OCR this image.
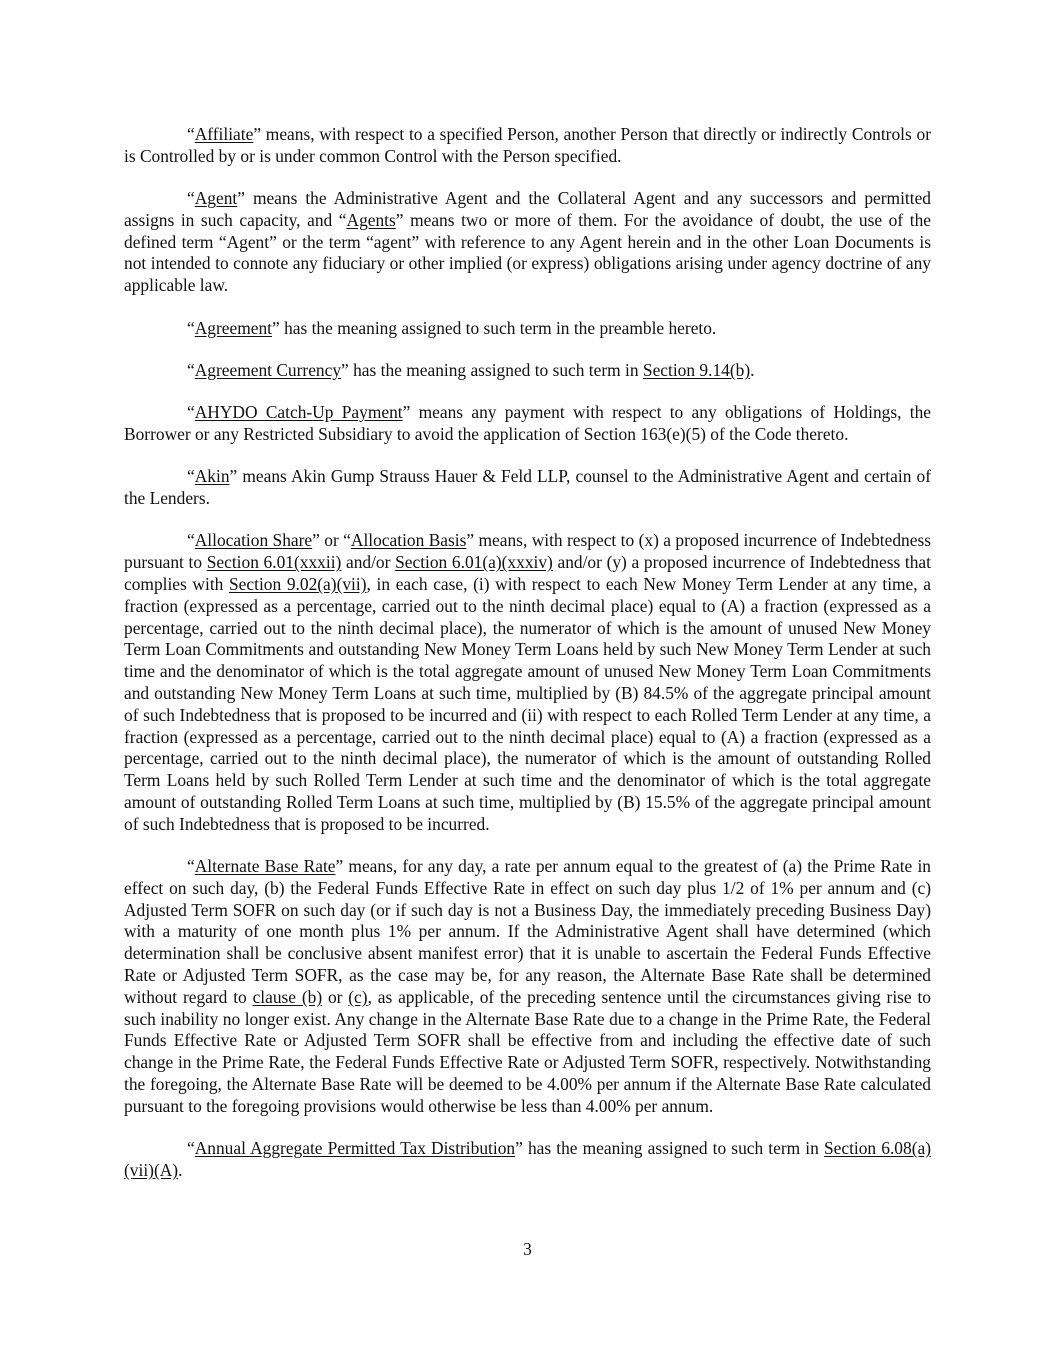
“Affiliate” means, with respect to a specified Person, another Person that directly or indirectly Controls or is Controlled by or is under common Control with the Person specified.

“Agent” means the Administrative Agent and the Collateral Agent and any successors and permitted assigns in such capacity, and “Agents” means two or more of them. For the avoidance of doubt, the use of the defined term “Agent” or the term “agent” with reference to any Agent herein and in the other Loan Documents is not intended to connote any fiduciary or other implied (or express) obligations arising under agency doctrine of any applicable law.

“Agreement” has the meaning assigned to such term in the preamble hereto.

“Agreement Currency” has the meaning assigned to such term in Section 9.14(b).

“AHYDO Catch-Up Payment” means any payment with respect to any obligations of Holdings, the Borrower or any Restricted Subsidiary to avoid the application of Section 163(e)(5) of the Code thereto.

“Akin” means Akin Gump Strauss Hauer & Feld LLP, counsel to the Administrative Agent and certain of the Lenders.

“Allocation Share” or “Allocation Basis” means, with respect to (x) a proposed incurrence of Indebtedness pursuant to Section 6.01(xxxii) and/or Section 6.01(a)(xxxiv) and/or (y) a proposed incurrence of Indebtedness that complies with Section 9.02(a)(vii), in each case, (i) with respect to each New Money Term Lender at any time, a fraction (expressed as a percentage, carried out to the ninth decimal place) equal to (A) a fraction (expressed as a percentage, carried out to the ninth decimal place), the numerator of which is the amount of unused New Money Term Loan Commitments and outstanding New Money Term Loans held by such New Money Term Lender at such time and the denominator of which is the total aggregate amount of unused New Money Term Loan Commitments and outstanding New Money Term Loans at such time, multiplied by (B) 84.5% of the aggregate principal amount of such Indebtedness that is proposed to be incurred and (ii) with respect to each Rolled Term Lender at any time, a fraction (expressed as a percentage, carried out to the ninth decimal place) equal to (A) a fraction (expressed as a percentage, carried out to the ninth decimal place), the numerator of which is the amount of outstanding Rolled Term Loans held by such Rolled Term Lender at such time and the denominator of which is the total aggregate amount of outstanding Rolled Term Loans at such time, multiplied by (B) 15.5% of the aggregate principal amount of such Indebtedness that is proposed to be incurred.

“Alternate Base Rate” means, for any day, a rate per annum equal to the greatest of (a) the Prime Rate in effect on such day, (b) the Federal Funds Effective Rate in effect on such day plus 1/2 of 1% per annum and (c) Adjusted Term SOFR on such day (or if such day is not a Business Day, the immediately preceding Business Day) with a maturity of one month plus 1% per annum. If the Administrative Agent shall have determined (which determination shall be conclusive absent manifest error) that it is unable to ascertain the Federal Funds Effective Rate or Adjusted Term SOFR, as the case may be, for any reason, the Alternate Base Rate shall be determined without regard to clause (b) or (c), as applicable, of the preceding sentence until the circumstances giving rise to such inability no longer exist. Any change in the Alternate Base Rate due to a change in the Prime Rate, the Federal Funds Effective Rate or Adjusted Term SOFR shall be effective from and including the effective date of such change in the Prime Rate, the Federal Funds Effective Rate or Adjusted Term SOFR, respectively. Notwithstanding the foregoing, the Alternate Base Rate will be deemed to be 4.00% per annum if the Alternate Base Rate calculated pursuant to the foregoing provisions would otherwise be less than 4.00% per annum.

“Annual Aggregate Permitted Tax Distribution” has the meaning assigned to such term in Section 6.08(a)(vii)(A).

3
